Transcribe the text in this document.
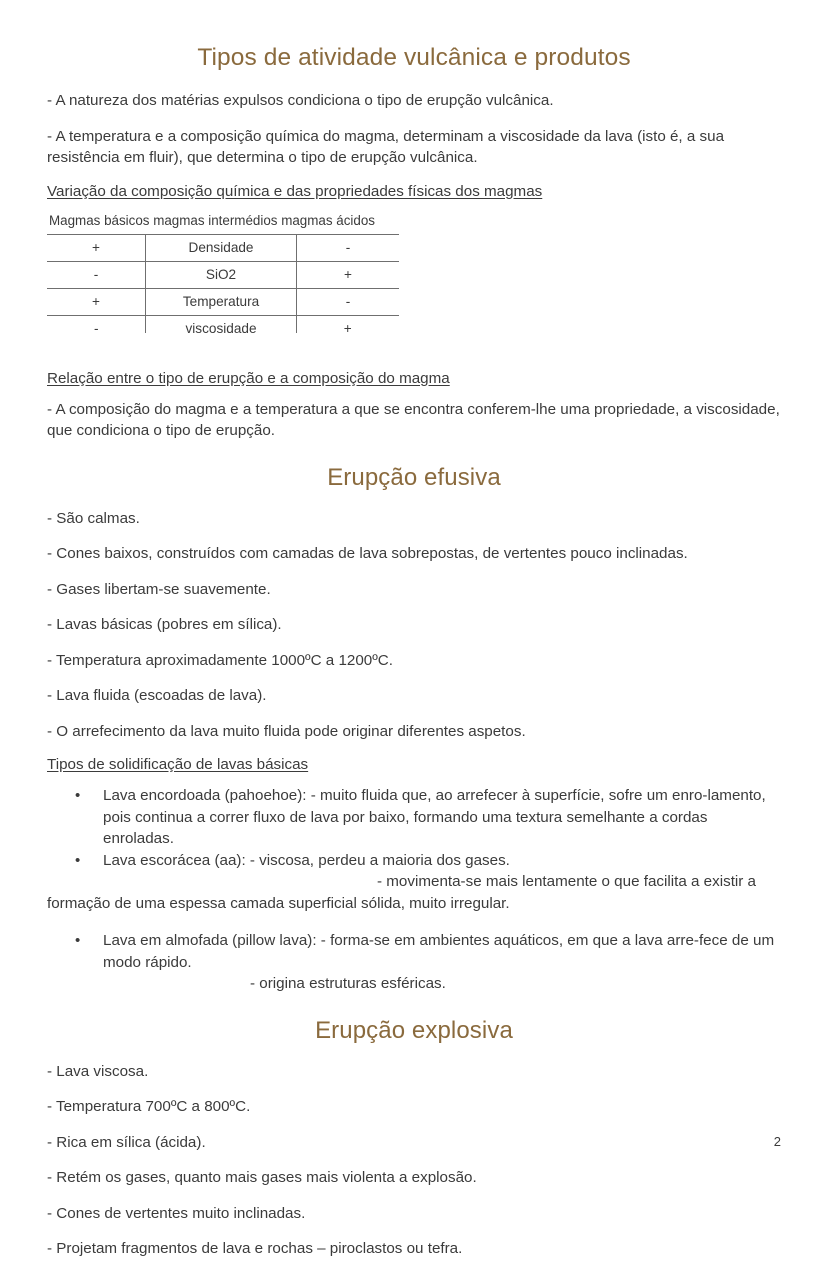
Tipos de atividade vulcânica e produtos

- A natureza dos matérias expulsos condiciona o tipo de erupção vulcânica.

- A temperatura e a composição química do magma, determinam a viscosidade da lava (isto é, a sua resistência em fluir), que determina o tipo de erupção vulcânica.

Variação da composição química e das propriedades físicas dos magmas
Magmas básicos magmas intermédios magmas ácidos
+	Densidade	-
-	SiO2	+
+	Temperatura	-
-	viscosidade	+
Relação entre o tipo de erupção e a composição do magma

- A composição do magma e a temperatura a que se encontra conferem-lhe uma propriedade, a viscosidade, que condiciona o tipo de erupção.

Erupção efusiva

- São calmas.

- Cones baixos, construídos com camadas de lava sobrepostas, de vertentes pouco inclinadas.

- Gases libertam-se suavemente.

- Lavas básicas (pobres em sílica).

- Temperatura aproximadamente 1000ºC a 1200ºC.

- Lava fluida (escoadas de lava).

- O arrefecimento da lava muito fluida pode originar diferentes aspetos.

Tipos de solidificação de lavas básicas
• Lava encordoada (pahoehoe): - muito fluida que, ao arrefecer à superfície, sofre um enro-lamento, pois continua a correr fluxo de lava por baixo, formando uma textura semelhante a cordas enroladas.
• Lava escorácea (aa): - viscosa, perdeu a maioria dos gases.

- movimenta-se mais lentamente o que facilita a existir a formação de uma espessa camada superficial sólida, muito irregular.

• Lava em almofada (pillow lava): - forma-se em ambientes aquáticos, em que a lava arre-fece de um modo rápido.

- origina estruturas esféricas.

Erupção explosiva

- Lava viscosa.

- Temperatura 700ºC a 800ºC.

- Rica em sílica (ácida).

- Retém os gases, quanto mais gases mais violenta a explosão.

- Cones de vertentes muito inclinadas.

- Projetam fragmentos de lava e rochas – piroclastos ou tefra.

2
